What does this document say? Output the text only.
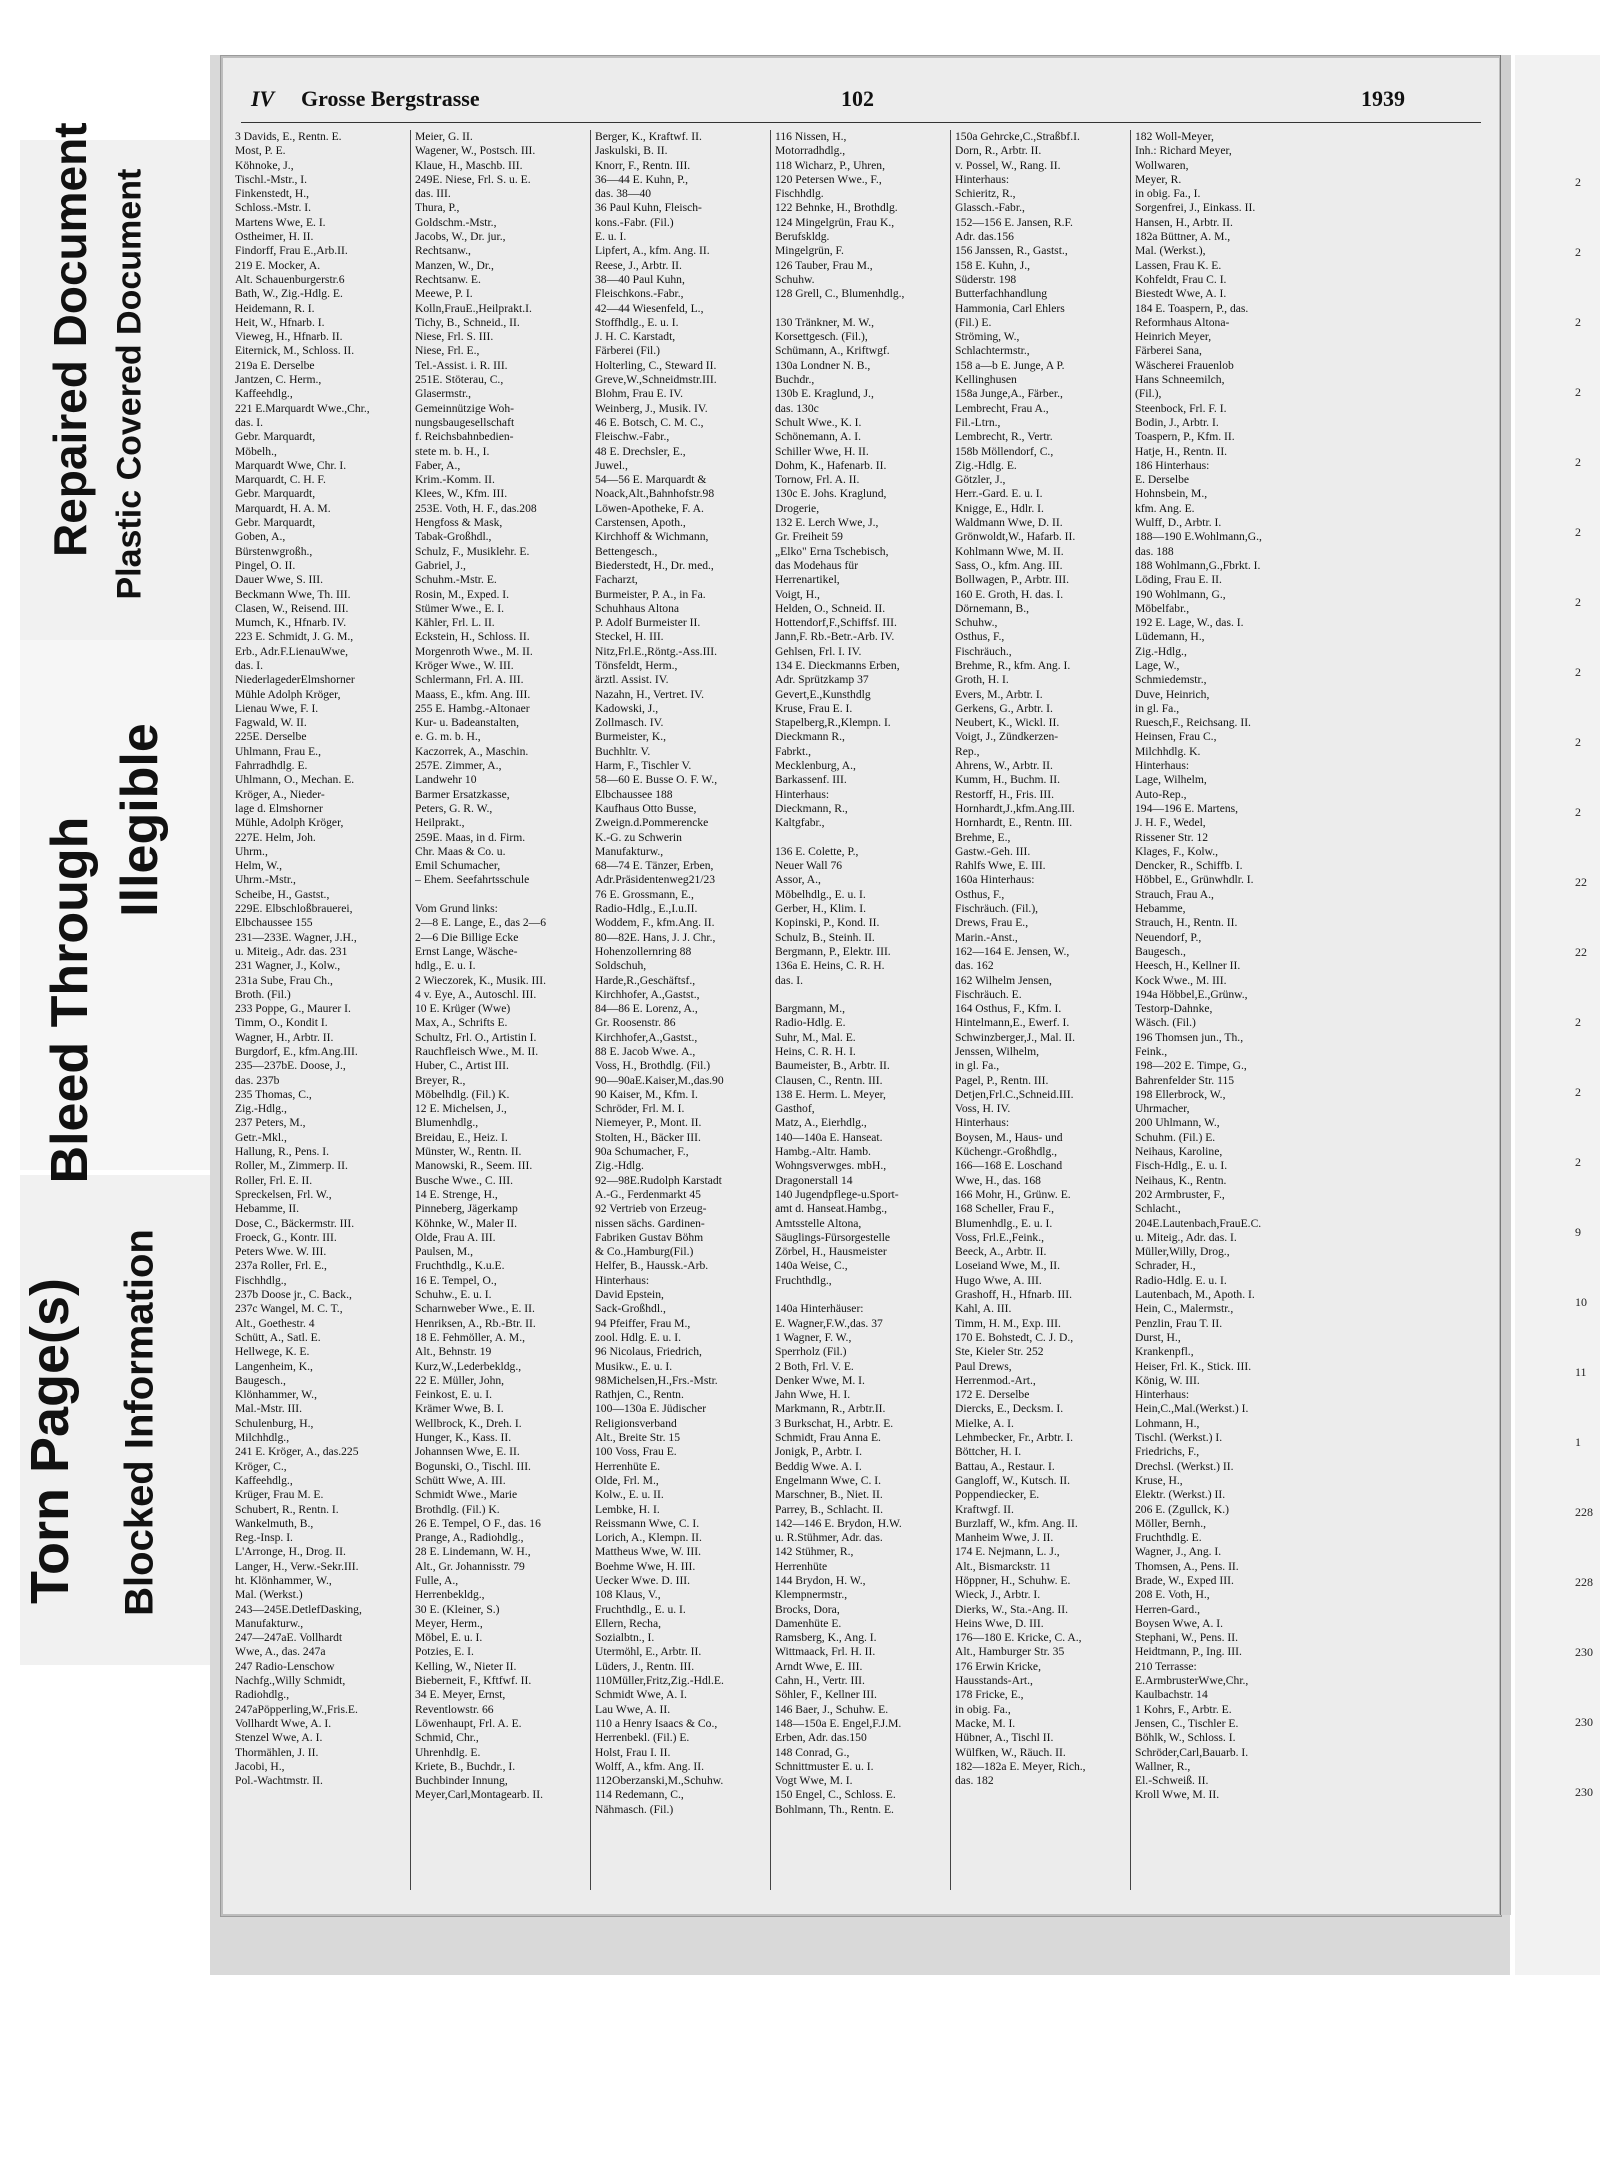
Repaired Document Plastic Covered Document
Bleed Through Illegible
Torn Page(s) Blocked Information
IV Grosse Bergstrasse	102	1939
3 Davids, E., Rentn. E.
Most, P. E.
Köhnoke, J.,
Tischl.-Mstr., I.
Finkenstedt, H.,
Schloss.-Mstr. I.
Martens Wwe, E. I.
Ostheimer, H. II.
Findorff, Frau E.,Arb.II.
219 E. Mocker, A.
Alt. Schauenburgerstr.6
Bath, W., Zig.-Hdlg. E.
Heidemann, R. I.
Heit, W., Hfnarb. I.
Vieweg, H., Hfnarb. II.
Eiternick, M., Schloss. II.
219a E. Derselbe
Jantzen, C. Herm.,
Kaffeehdlg.,
221 E.Marquardt Wwe.,Chr.,
das. I.
Gebr. Marquardt,
Möbelh.,
Marquardt Wwe, Chr. I.
Marquardt, C. H. F.
Gebr. Marquardt,
Marquardt, H. A. M.
Gebr. Marquardt,
Goben, A.,
Bürstenwgroßh.,
Pingel, O. II.
Dauer Wwe, S. III.
Beckmann Wwe, Th. III.
Clasen, W., Reisend. III.
Mumch, K., Hfnarb. IV.
223 E. Schmidt, J. G. M.,
Erb., Adr.F.LienauWwe,
das. I.
NiederlagederElmshorner
Mühle Adolph Kröger,
Lienau Wwe, F. I.
Fagwald, W. II.
225E. Derselbe
Uhlmann, Frau E.,
Fahrradhdlg. E.
Uhlmann, O., Mechan. E.
Kröger, A., Nieder-
lage d. Elmshorner
Mühle, Adolph Kröger,
227E. Helm, Joh.
Uhrm.,
Helm, W.,
Uhrm.-Mstr.,
Scheibe, H., Gastst.,
229E. Elbschloßbrauerei,
Elbchaussee 155
231—233E. Wagner, J.H.,
u. Miteig., Adr. das. 231
231 Wagner, J., Kolw.,
231a Sube, Frau Ch.,
Broth. (Fil.)
233 Poppe, G., Maurer I.
Timm, O., Kondit I.
Wagner, H., Arbtr. II.
Burgdorf, E., kfm.Ang.III.
235—237bE. Doose, J.,
das. 237b
235 Thomas, C.,
Zig.-Hdlg.,
237 Peters, M.,
Getr.-Mkl.,
Hallung, R., Pens. I.
Roller, M., Zimmerp. II.
Roller, Frl. E. II.
Spreckelsen, Frl. W.,
Hebamme, II.
Dose, C., Bäckermstr. III.
Froeck, G., Kontr. III.
Peters Wwe. W. III.
237a Roller, Frl. E.,
Fischhdlg.,
237b Doose jr., C. Back.,
237c Wangel, M. C. T.,
Alt., Goethestr. 4
Schütt, A., Satl. E.
Hellwege, K. E.
Langenheim, K.,
Baugesch.,
Klönhammer, W.,
Mal.-Mstr. III.
Schulenburg, H.,
Milchhdlg.,
241 E. Kröger, A., das.225
Kröger, C.,
Kaffeehdlg.,
Krüger, Frau M. E.
Schubert, R., Rentn. I.
Wankelmuth, B.,
Reg.-Insp. I.
L'Arronge, H., Drog. II.
Langer, H., Verw.-Sekr.III.
ht. Klönhammer, W.,
Mal. (Werkst.)
243—245E.DetlefDasking,
Manufakturw.,
247—247aE. Vollhardt
Wwe, A., das. 247a
247 Radio-Lenschow
Nachfg.,Willy Schmidt,
Radiohdlg.,
247aPöpperling,W.,Fris.E.
Vollhardt Wwe, A. I.
Stenzel Wwe, A. I.
Thormählen, J. II.
Jacobi, H.,
Pol.-Wachtmstr. II.
Meier, G. II.
Wagener, W., Postsch. III.
Klaue, H., Maschb. III.
249E. Niese, Frl. S. u. E.
das. III.
Thura, P.,
Goldschm.-Mstr.,
Jacobs, W., Dr. jur.,
Rechtsanw.,
Manzen, W., Dr.,
Rechtsanw. E.
Meewe, P. I.
Kolln,FrauE.,Heilprakt.I.
Tichy, B., Schneid., II.
Niese, Frl. S. III.
Niese, Frl. E.,
Tel.-Assist. i. R. III.
251E. Stöterau, C.,
Glasermstr.,
Gemeinnützige Woh-
nungsbaugesellschaft
f. Reichsbahnbedien-
stete m. b. H., I.
Faber, A.,
Krim.-Komm. II.
Klees, W., Kfm. III.
253E. Voth, H. F., das.208
Hengfoss & Mask,
Tabak-Großhdl.,
Schulz, F., Musiklehr. E.
Gabriel, J.,
Schuhm.-Mstr. E.
Rosin, M., Exped. I.
Stümer Wwe., E. I.
Kähler, Frl. L. II.
Eckstein, H., Schloss. II.
Morgenroth Wwe., M. II.
Kröger Wwe., W. III.
Schlermann, Frl. A. III.
Maass, E., kfm. Ang. III.
255 E. Hambg.-Altonaer
Kur- u. Badeanstalten,
e. G. m. b. H.,
Kaczorrek, A., Maschin.
257E. Zimmer, A.,
Landwehr 10
Barmer Ersatzkasse,
Peters, G. R. W.,
Heilprakt.,
259E. Maas, in d. Firm.
Chr. Maas & Co. u.
Emil Schumacher,
– Ehem. Seefahrtsschule

Vom Grund links:
2—8 E. Lange, E., das 2—6
2—6 Die Billige Ecke
Ernst Lange, Wäsche-
hdlg., E. u. I.
2 Wieczorek, K., Musik. III.
4 v. Eye, A., Autoschl. III.
10 E. Krüger (Wwe)
Max, A., Schrifts E.
Schultz, Frl. O., Artistin I.
Rauchfleisch Wwe., M. II.
Huber, C., Artist III.
Breyer, R.,
Möbelhdlg. (Fil.) K.
12 E. Michelsen, J.,
Blumenhdlg.,
Breidau, E., Heiz. I.
Münster, W., Rentn. II.
Manowski, R., Seem. III.
Busche Wwe., C. III.
14 E. Strenge, H.,
Pinneberg, Jägerkamp
Köhnke, W., Maler II.
Olde, Frau A. III.
Paulsen, M.,
Fruchthdlg., K.u.E.
16 E. Tempel, O.,
Schuhw., E. u. I.
Scharnweber Wwe., E. II.
Henriksen, A., Rb.-Btr. II.
18 E. Fehmöller, A. M.,
Alt., Behnstr. 19
Kurz,W.,Lederbekldg.,
22 E. Müller, John,
Feinkost, E. u. I.
Krämer Wwe, B. I.
Wellbrock, K., Dreh. I.
Hunger, K., Kass. II.
Johannsen Wwe, E. II.
Bogunski, O., Tischl. III.
Schütt Wwe, A. III.
Schmidt Wwe., Marie
Brothdlg. (Fil.) K.
26 E. Tempel, O F., das. 16
Prange, A., Radiohdlg.,
28 E. Lindemann, W. H.,
Alt., Gr. Johannisstr. 79
Fulle, A.,
Herrenbekldg.,
30 E. (Kleiner, S.)
Meyer, Herm.,
Möbel, E. u. I.
Potzies, E. I.
Kelling, W., Nieter II.
Bieberneit, F., Kftfwf. II.
34 E. Meyer, Ernst,
Reventlowstr. 66
Löwenhaupt, Frl. A. E.
Schmid, Chr.,
Uhrenhdlg. E.
Kriete, B., Buchdr., I.
Buchbinder Innung,
Meyer,Carl,Montagearb. II.
Berger, K., Kraftwf. II.
Jaskulski, B. II.
Knorr, F., Rentn. III.
36—44 E. Kuhn, P.,
das. 38—40
36 Paul Kuhn, Fleisch-
kons.-Fabr. (Fil.)
E. u. I.
Lipfert, A., kfm. Ang. II.
Reese, J., Arbtr. II.
38—40 Paul Kuhn,
Fleischkons.-Fabr.,
42—44 Wiesenfeld, L.,
Stoffhdlg., E. u. I.
J. H. C. Karstadt,
Färberei (Fil.)
Holterling, C., Steward II.
Greve,W.,Schneidmstr.III.
Blohm, Frau E. IV.
Weinberg, J., Musik. IV.
46 E. Botsch, C. M. C.,
Fleischw.-Fabr.,
48 E. Drechsler, E.,
Juwel.,
54—56 E. Marquardt &
Noack,Alt.,Bahnhofstr.98
Löwen-Apotheke, F. A.
Carstensen, Apoth.,
Kirchhoff & Wichmann,
Bettengesch.,
Biederstedt, H., Dr. med.,
Facharzt,
Burmeister, P. A., in Fa.
Schuhhaus Altona
P. Adolf Burmeister II.
Steckel, H. III.
Nitz,Frl.E.,Röntg.-Ass.III.
Tönsfeldt, Herm.,
ärztl. Assist. IV.
Nazahn, H., Vertret. IV.
Kadowski, J.,
Zollmasch. IV.
Burmeister, K.,
Buchhltr. V.
Harm, F., Tischler V.
58—60 E. Busse O. F. W.,
Elbchaussee 188
Kaufhaus Otto Busse,
Zweign.d.Pommerencke
K.-G. zu Schwerin
Manufakturw.,
68—74 E. Tänzer, Erben,
Adr.Präsidentenweg21/23
76 E. Grossmann, E.,
Radio-Hdlg., E.,I.u.II.
Woddem, F., kfm.Ang. II.
80—82E. Hans, J. J. Chr.,
Hohenzollernring 88
Soldschuh,
Harde,R.,Geschäftsf.,
Kirchhofer, A.,Gastst.,
84—86 E. Lorenz, A.,
Gr. Roosenstr. 86
Kirchhofer,A.,Gastst.,
88 E. Jacob Wwe. A.,
Voss, H., Brothdlg. (Fil.)
90—90aE.Kaiser,M.,das.90
90 Kaiser, M., Kfm. I.
Schröder, Frl. M. I.
Niemeyer, P., Mont. II.
Stolten, H., Bäcker III.
90a Schumacher, F.,
Zig.-Hdlg.
92—98E.Rudolph Karstadt
A.-G., Ferdenmarkt 45
92 Vertrieb von Erzeug-
nissen sächs. Gardinen-
Fabriken Gustav Böhm
& Co.,Hamburg(Fil.)
Helfer, B., Haussk.-Arb.
Hinterhaus:
David Epstein,
Sack-Großhdl.,
94 Pfeiffer, Frau M.,
zool. Hdlg. E. u. I.
96 Nicolaus, Friedrich,
Musikw., E. u. I.
98Michelsen,H.,Frs.-Mstr.
Rathjen, C., Rentn.
100—130a E. Jüdischer
Religionsverband
Alt., Breite Str. 15
100 Voss, Frau E.
Herrenhüte E.
Olde, Frl. M.,
Kolw., E. u. II.
Lembke, H. I.
Reissmann Wwe, C. I.
Lorich, A., Klempn. II.
Mattheus Wwe, W. III.
Boehme Wwe, H. III.
Uecker Wwe. D. III.
108 Klaus, V.,
Fruchthdlg., E. u. I.
Ellern, Recha,
Sozialbtn., I.
Utermöhl, E., Arbtr. II.
Lüders, J., Rentn. III.
110Müller,Fritz,Zig.-Hdl.E.
Schmidt Wwe, A. I.
Lau Wwe, A. II.
110 a Henry Isaacs & Co.,
Herrenbekl. (Fil.) E.
Holst, Frau I. II.
Wolff, A., kfm. Ang. II.
112Oberzanski,M.,Schuhw.
114 Redemann, C.,
Nähmasch. (Fil.)
116 Nissen, H.,
Motorradhdlg.,
118 Wicharz, P., Uhren,
120 Petersen Wwe., F.,
Fischhdlg.
122 Behnke, H., Brothdlg.
124 Mingelgrün, Frau K.,
Berufskldg.
Mingelgrün, F.
126 Tauber, Frau M.,
Schuhw.
128 Grell, C., Blumenhdlg.,

130 Tränkner, M. W.,
Korsettgesch. (Fil.),
Schümann, A., Kriftwgf.
130a Londner N. B.,
Buchdr.,
130b E. Kraglund, J.,
das. 130c
Schult Wwe., K. I.
Schönemann, A. I.
Schiller Wwe, H. II.
Dohm, K., Hafenarb. II.
Tornow, Frl. A. II.
130c E. Johs. Kraglund,
Drogerie,
132 E. Lerch Wwe, J.,
Gr. Freiheit 59
„Elko" Erna Tschebisch,
das Modehaus für
Herrenartikel,
Voigt, H.,
Helden, O., Schneid. II.
Hottendorf,F.,Schiffsf. III.
Jann,F. Rb.-Betr.-Arb. IV.
Gehlsen, Frl. I. IV.
134 E. Dieckmanns Erben,
Adr. Sprützkamp 37
Gevert,E.,Kunsthdlg
Kruse, Frau E. I.
Stapelberg,R.,Klempn. I.
Dieckmann R.,
Fabrkt.,
Mecklenburg, A.,
Barkassenf. III.
Hinterhaus:
Dieckmann, R.,
Kaltgfabr.,

136 E. Colette, P.,
Neuer Wall 76
Assor, A.,
Möbelhdlg., E. u. I.
Gerber, H., Klim. I.
Kopinski, P., Kond. II.
Schulz, B., Steinh. II.
Bergmann, P., Elektr. III.
136a E. Heins, C. R. H.
das. I.

Bargmann, M.,
Radio-Hdlg. E.
Suhr, M., Mal. E.
Heins, C. R. H. I.
Baumeister, B., Arbtr. II.
Clausen, C., Rentn. III.
138 E. Herm. L. Meyer,
Gasthof,
Matz, A., Eierhdlg.,
140—140a E. Hanseat.
Hambg.-Altr. Hamb.
Wohngsverwges. mbH.,
Dragonerstall 14
140 Jugendpflege-u.Sport-
amt d. Hanseat.Hambg.,
Amtsstelle Altona,
Säuglings-Fürsorgestelle
Zörbel, H., Hausmeister
140a Weise, C.,
Fruchthdlg.,

140a Hinterhäuser:
E. Wagner,F.W.,das. 37
1 Wagner, F. W.,
Sperrholz (Fil.)
2 Both, Frl. V. E.
Denker Wwe, M. I.
Jahn Wwe, H. I.
Markmann, R., Arbtr.II.
3 Burkschat, H., Arbtr. E.
Schmidt, Frau Anna E.
Jonigk, P., Arbtr. I.
Beddig Wwe. A. I.
Engelmann Wwe, C. I.
Marschner, B., Niet. II.
Parrey, B., Schlacht. II.
142—146 E. Brydon, H.W.
u. R.Stühmer, Adr. das.
142 Stühmer, R.,
Herrenhüte
144 Brydon, H. W.,
Klempnermstr.,
Brocks, Dora,
Damenhüte E.
Ramsberg, K., Ang. I.
Wittmaack, Frl. H. II.
Arndt Wwe, E. III.
Cahn, H., Vertr. III.
Söhler, F., Kellner III.
146 Baer, J., Schuhw. E.
148—150a E. Engel,F.J.M.
Erben, Adr. das.150
148 Conrad, G.,
Schnittmuster E. u. I.
Vogt Wwe, M. I.
150 Engel, C., Schloss. E.
Bohlmann, Th., Rentn. E.
150a Gehrcke,C.,Straßbf.I.
Dorn, R., Arbtr. II.
v. Possel, W., Rang. II.
Hinterhaus:
Schieritz, R.,
Glassch.-Fabr.,
152—156 E. Jansen, R.F.
Adr. das.156
156 Janssen, R., Gastst.,
158 E. Kuhn, J.,
Süderstr. 198
Butterfachhandlung
Hammonia, Carl Ehlers
(Fil.) E.
Ströming, W.,
Schlachtermstr.,
158 a—b E. Junge, A P.
Kellinghusen
158a Junge,A., Färber.,
Lembrecht, Frau A.,
Fil.-Ltrn.,
Lembrecht, R., Vertr.
158b Möllendorf, C.,
Zig.-Hdlg. E.
Götzler, J.,
Herr.-Gard. E. u. I.
Knigge, E., Hdlr. I.
Waldmann Wwe, D. II.
Grönwoldt,W., Hafarb. II.
Kohlmann Wwe, M. II.
Sass, O., kfm. Ang. III.
Bollwagen, P., Arbtr. III.
160 E. Groth, H. das. I.
Dörnemann, B.,
Schuhw.,
Osthus, F.,
Fischräuch.,
Brehme, R., kfm. Ang. I.
Groth, H. I.
Evers, M., Arbtr. I.
Gerkens, G., Arbtr. I.
Neubert, K., Wickl. II.
Voigt, J., Zündkerzen-
Rep.,
Ahrens, W., Arbtr. II.
Kumm, H., Buchm. II.
Restorff, H., Fris. III.
Hornhardt,J.,kfm.Ang.III.
Hornhardt, E., Rentn. III.
Brehme, E.,
Gastw.-Geh. III.
Rahlfs Wwe, E. III.
160a Hinterhaus:
Osthus, F.,
Fischräuch. (Fil.),
Drews, Frau E.,
Marin.-Anst.,
162—164 E. Jensen, W.,
das. 162
162 Wilhelm Jensen,
Fischräuch. E.
164 Osthus, F., Kfm. I.
Hintelmann,E., Ewerf. I.
Schwinzberger,J., Mal. II.
Jenssen, Wilhelm,
in gl. Fa.,
Pagel, P., Rentn. III.
Detjen,Frl.C.,Schneid.III.
Voss, H. IV.
Hinterhaus:
Boysen, M., Haus- und
Küchengr.-Großhdlg.,
166—168 E. Loschand
Wwe, H., das. 168
166 Mohr, H., Grünw. E.
168 Scheller, Frau F.,
Blumenhdlg., E. u. I.
Voss, Frl.E.,Feink.,
Beeck, A., Arbtr. II.
Loseiand Wwe, M., II.
Hugo Wwe, A. III.
Grashoff, H., Hfnarb. III.
Kahl, A. III.
Timm, H. M., Exp. III.
170 E. Bohstedt, C. J. D.,
Ste, Kieler Str. 252
Paul Drews,
Herrenmod.-Art.,
172 E. Derselbe
Diercks, E., Decksm. I.
Mielke, A. I.
Lehmbecker, Fr., Arbtr. I.
Böttcher, H. I.
Battau, A., Restaur. I.
Gangloff, W., Kutsch. II.
Poppendiecker, E.
Kraftwgf. II.
Burzlaff, W., kfm. Ang. II.
Manheim Wwe, J. II.
174 E. Nejmann, L. J.,
Alt., Bismarckstr. 11
Höppner, H., Schuhw. E.
Wieck, J., Arbtr. I.
Dierks, W., Sta.-Ang. II.
Heins Wwe, D. III.
176—180 E. Kricke, C. A.,
Alt., Hamburger Str. 35
176 Erwin Kricke,
Hausstands-Art.,
178 Fricke, E.,
in obig. Fa.,
Macke, M. I.
Hübner, A., Tischl II.
Wülfken, W., Räuch. II.
182—182a E. Meyer, Rich.,
das. 182
182 Woll-Meyer,
Inh.: Richard Meyer,
Wollwaren,
Meyer, R.
in obig. Fa., I.
Sorgenfrei, J., Einkass. II.
Hansen, H., Arbtr. II.
182a Büttner, A. M.,
Mal. (Werkst.),
Lassen, Frau K. E.
Kohfeldt, Frau C. I.
Biestedt Wwe, A. I.
184 E. Toaspern, P., das.
Reformhaus Altona-
Heinrich Meyer,
Färberei Sana,
Wäscherei Frauenlob
Hans Schneemilch,
(Fil.),
Steenbock, Frl. F. I.
Bodin, J., Arbtr. I.
Toaspern, P., Kfm. II.
Hatje, H., Rentn. II.
186 Hinterhaus:
E. Derselbe
Hohnsbein, M.,
kfm. Ang. E.
Wulff, D., Arbtr. I.
188—190 E.Wohlmann,G.,
das. 188
188 Wohlmann,G.,Fbrkt. I.
Löding, Frau E. II.
190 Wohlmann, G.,
Möbelfabr.,
192 E. Lage, W., das. I.
Lüdemann, H.,
Zig.-Hdlg.,
Lage, W.,
Schmiedemstr.,
Duve, Heinrich,
in gl. Fa.,
Ruesch,F., Reichsang. II.
Heinsen, Frau C.,
Milchhdlg. K.
Hinterhaus:
Lage, Wilhelm,
Auto-Rep.,
194—196 E. Martens,
J. H. F., Wedel,
Rissener Str. 12
Klages, F., Kolw.,
Dencker, R., Schiffb. I.
Höbbel, E., Grünwhdlr. I.
Strauch, Frau A.,
Hebamme,
Strauch, H., Rentn. II.
Neuendorf, P.,
Baugesch.,
Heesch, H., Kellner II.
Kock Wwe., M. III.
194a Höbbel,E.,Grünw.,
Testorp-Dahnke,
Wäsch. (Fil.)
196 Thomsen jun., Th.,
Feink.,
198—202 E. Timpe, G.,
Bahrenfelder Str. 115
198 Ellerbrock, W.,
Uhrmacher,
200 Uhlmann, W.,
Schuhm. (Fil.) E.
Neihaus, Karoline,
Fisch-Hdlg., E. u. I.
Neihaus, K., Rentn.
202 Armbruster, F.,
Schlacht.,
204E.Lautenbach,FrauE.C.
u. Miteig., Adr. das. I.
Müller,Willy, Drog.,
Schrader, H.,
Radio-Hdlg. E. u. I.
Lautenbach, M., Apoth. I.
Hein, C., Malermstr.,
Penzlin, Frau T. II.
Durst, H.,
Krankenpfl.,
Heiser, Frl. K., Stick. III.
König, W. III.
Hinterhaus:
Hein,C.,Mal.(Werkst.) I.
Lohmann, H.,
Tischl. (Werkst.) I.
Friedrichs, F.,
Drechsl. (Werkst.) II.
Kruse, H.,
Elektr. (Werkst.) II.
206 E. (Zgullck, K.)
Möller, Bernh.,
Fruchthdlg. E.
Wagner, J., Ang. I.
Thomsen, A., Pens. II.
Brade, W., Exped III.
208 E. Voth, H.,
Herren-Gard.,
Boysen Wwe, A. I.
Stephani, W., Pens. II.
Heidtmann, P., Ing. III.
210 Terrasse:
E.ArmbrusterWwe,Chr.,
Kaulbachstr. 14
1 Kohrs, F., Arbtr. E.
Jensen, C., Tischler E.
Böhlk, W., Schloss. I.
Schröder,Carl,Bauarb. I.
Wallner, R.,
El.-Schweiß. II.
Kroll Wwe, M. II.
2
2
2
2
2
2
2
2
2
2
22
22
2
2
2
9
10
11
1
228
228
230
230
230
